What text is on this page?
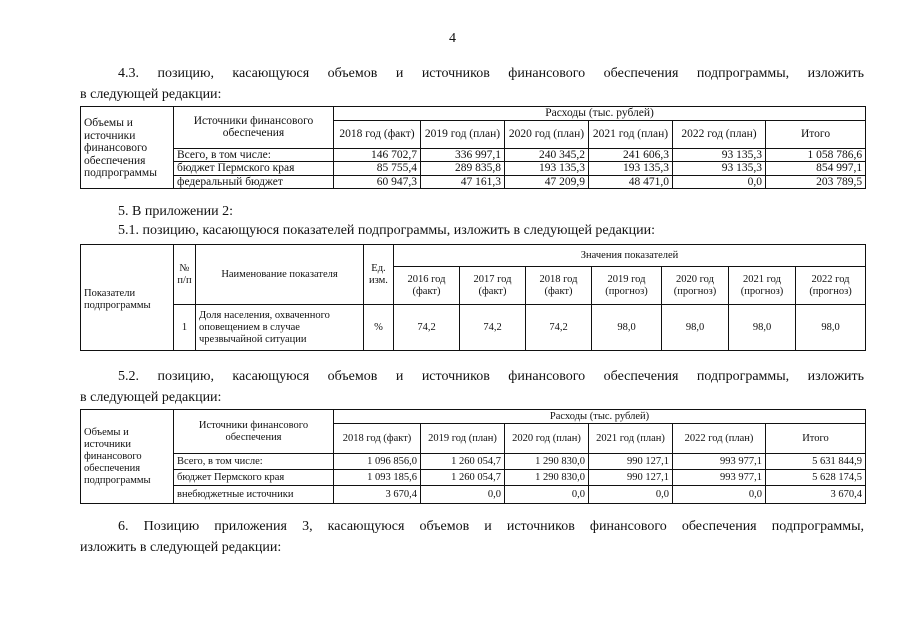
4
4.3. позицию, касающуюся объемов и источников финансового обеспечения подпрограммы, изложить
в следующей редакции:
Объемы и источники финансового обеспечения подпрограммы	Источники финансового обеспечения	Расходы (тыс. рублей)					
		2018 год (факт)	2019 год (план)	2020 год (план)	2021 год (план)	2022 год (план)	Итого
	Всего, в том числе:	146 702,7	336 997,1	240 345,2	241 606,3	93 135,3	1 058 786,6
	бюджет Пермского края	85 755,4	289 835,8	193 135,3	193 135,3	93 135,3	854 997,1
	федеральный бюджет	60 947,3	47 161,3	47 209,9	48 471,0	0,0	203 789,5
5. В приложении 2:
5.1. позицию, касающуюся показателей подпрограммы, изложить в следующей редакции:
Показатели подпрограммы	№ п/п	Наименование показателя	Ед. изм.	Значения показателей						
				2016 год (факт)	2017 год (факт)	2018 год (факт)	2019 год (прогноз)	2020 год (прогноз)	2021 год (прогноз)	2022 год (прогноз)
	1	Доля населения, охваченного оповещением в случае чрезвычайной ситуации	%	74,2	74,2	74,2	98,0	98,0	98,0	98,0
5.2. позицию, касающуюся объемов и источников финансового обеспечения подпрограммы, изложить
в следующей редакции:
Объемы и источники финансового обеспечения подпрограммы	Источники финансового обеспечения	Расходы (тыс. рублей)					
		2018 год (факт)	2019 год (план)	2020 год (план)	2021 год (план)	2022 год (план)	Итого
	Всего, в том числе:	1 096 856,0	1 260 054,7	1 290 830,0	990 127,1	993 977,1	5 631 844,9
	бюджет Пермского края	1 093 185,6	1 260 054,7	1 290 830,0	990 127,1	993 977,1	5 628 174,5
	внебюджетные источники	3 670,4	0,0	0,0	0,0	0,0	3 670,4
6. Позицию приложения 3, касающуюся объемов и источников финансового обеспечения подпрограммы,
изложить в следующей редакции:
